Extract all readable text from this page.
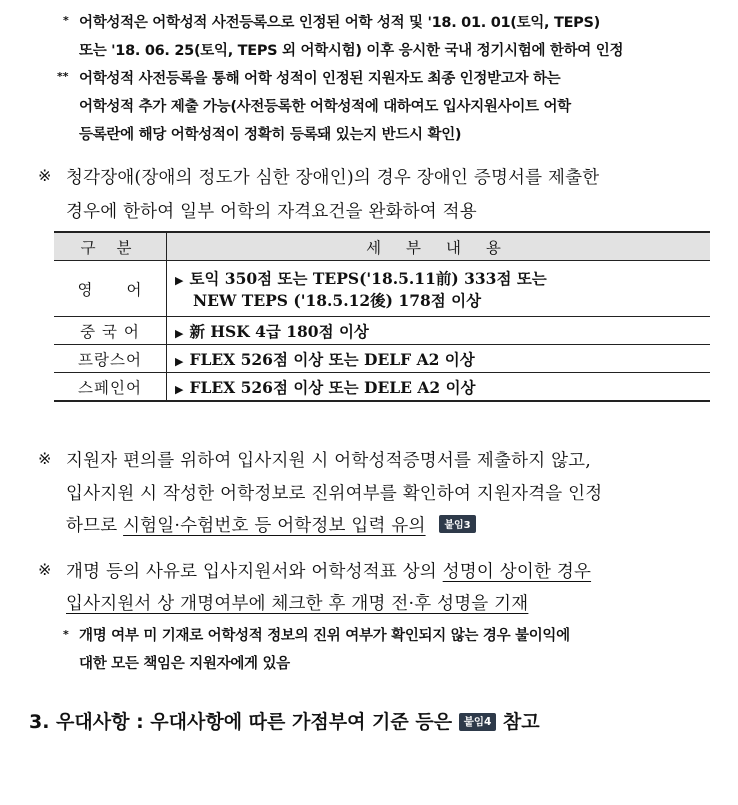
* 어학성적은 어학성적 사전등록으로 인정된 어학 성적 및 '18. 01. 01(토익, TEPS)
또는 '18. 06. 25(토익, TEPS 외 어학시험) 이후 응시한 국내 정기시험에 한하여 인정
** 어학성적 사전등록을 통해 어학 성적이 인정된 지원자도 최종 인정받고자 하는
어학성적 추가 제출 가능(사전등록한 어학성적에 대하여도 입사지원사이트 어학
등록란에 해당 어학성적이 정확히 등록돼 있는지 반드시 확인)
※ 청각장애(장애의 정도가 심한 장애인)의 경우 장애인 증명서를 제출한
경우에 한하여 일부 어학의 자격요건을 완화하여 적용
구 분	세 부 내 용
영　　어	▶ 토익 350점 또는 TEPS('18.5.11前) 333점 또는
NEW TEPS ('18.5.12後) 178점 이상

중 국 어	▶ 新 HSK 4급 180점 이상
프랑스어	▶ FLEX 526점 이상 또는 DELF A2 이상
스페인어	▶ FLEX 526점 이상 또는 DELE A2 이상
※ 지원자 편의를 위하여 입사지원 시 어학성적증명서를 제출하지 않고,
입사지원 시 작성한 어학정보로 진위여부를 확인하여 지원자격을 인정
하므로 시험일·수험번호 등 어학정보 입력 유의 붙임3
※ 개명 등의 사유로 입사지원서와 어학성적표 상의 성명이 상이한 경우
입사지원서 상 개명여부에 체크한 후 개명 전·후 성명을 기재
* 개명 여부 미 기재로 어학성적 정보의 진위 여부가 확인되지 않는 경우 불이익에
대한 모든 책임은 지원자에게 있음
3. 우대사항 : 우대사항에 따른 가점부여 기준 등은 붙임4 참고
